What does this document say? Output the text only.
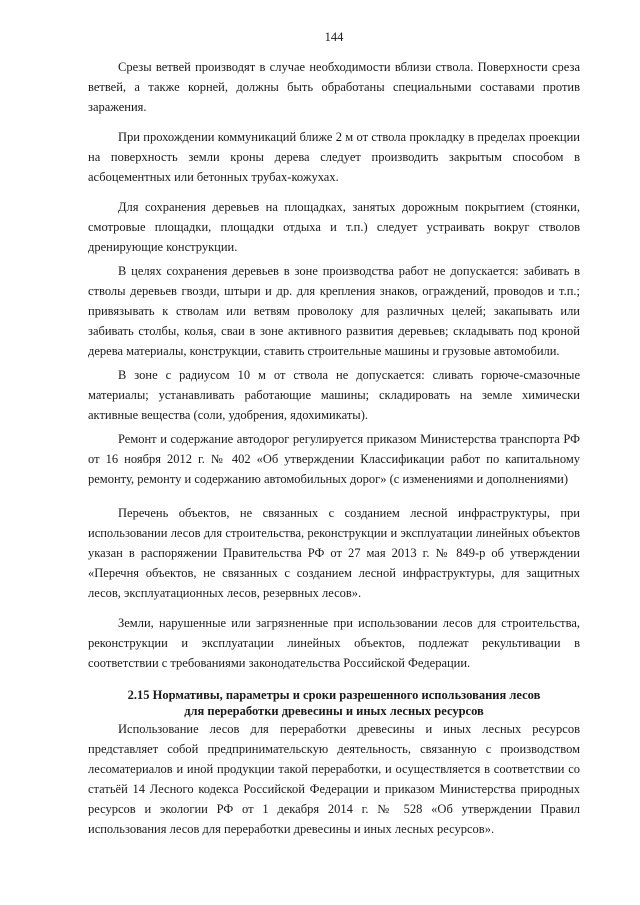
144

Срезы ветвей производят в случае необходимости вблизи ствола. Поверхности среза ветвей, а также корней, должны быть обработаны специальными составами против заражения.

При прохождении коммуникаций ближе 2 м от ствола прокладку в пределах проекции на поверхность земли кроны дерева следует производить закрытым способом в асбоцементных или бетонных трубах-кожухах.

Для сохранения деревьев на площадках, занятых дорожным покрытием (стоянки, смотровые площадки, площадки отдыха и т.п.) следует устраивать вокруг стволов дренирующие конструкции.

В целях сохранения деревьев в зоне производства работ не допускается: забивать в стволы деревьев гвозди, штыри и др. для крепления знаков, ограждений, проводов и т.п.; привязывать к стволам или ветвям проволоку для различных целей; закапывать или забивать столбы, колья, сваи в зоне активного развития деревьев; складывать под кроной дерева материалы, конструкции, ставить строительные машины и грузовые автомобили.

В зоне с радиусом 10 м от ствола не допускается: сливать горюче-смазочные материалы; устанавливать работающие машины; складировать на земле химически активные вещества (соли, удобрения, ядохимикаты).

Ремонт и содержание автодорог регулируется приказом Министерства транспорта РФ от 16 ноября 2012 г. № 402 «Об утверждении Классификации работ по капитальному ремонту, ремонту и содержанию автомобильных дорог» (с изменениями и дополнениями)

Перечень объектов, не связанных с созданием лесной инфраструктуры, при использовании лесов для строительства, реконструкции и эксплуатации линейных объектов указан в распоряжении Правительства РФ от 27 мая 2013 г. № 849-р об утверждении «Перечня объектов, не связанных с созданием лесной инфраструктуры, для защитных лесов, эксплуатационных лесов, резервных лесов».

Земли, нарушенные или загрязненные при использовании лесов для строительства, реконструкции и эксплуатации линейных объектов, подлежат рекультивации в соответствии с требованиями законодательства Российской Федерации.

2.15 Нормативы, параметры и сроки разрешенного использования лесов
для переработки древесины и иных лесных ресурсов

Использование лесов для переработки древесины и иных лесных ресурсов представляет собой предпринимательскую деятельность, связанную с производством лесоматериалов и иной продукции такой переработки, и осуществляется в соответствии со статьёй 14 Лесного кодекса Российской Федерации и приказом Министерства природных ресурсов и экологии РФ от 1 декабря 2014 г. № 528 «Об утверждении Правил использования лесов для переработки древесины и иных лесных ресурсов».
